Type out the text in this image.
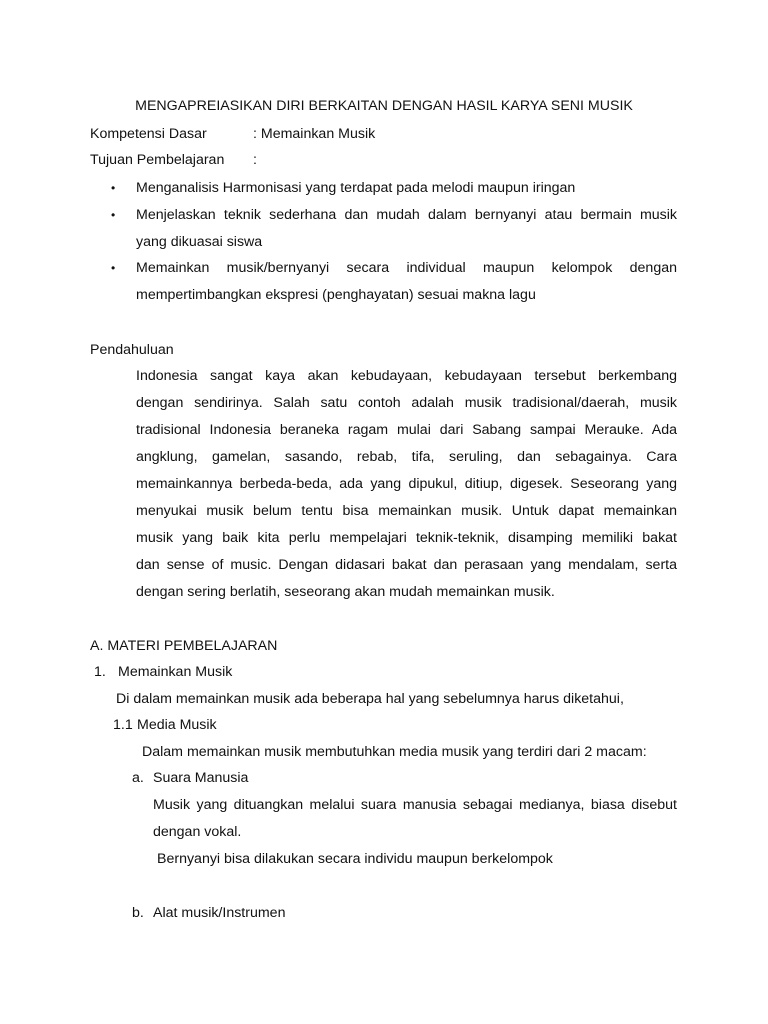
MENGAPREIASIKAN DIRI BERKAITAN DENGAN HASIL KARYA SENI MUSIK
Kompetensi Dasar	: Memainkan Musik
Tujuan Pembelajaran :
• Menganalisis Harmonisasi yang terdapat pada melodi maupun iringan
• Menjelaskan teknik sederhana dan mudah dalam bernyanyi atau bermain musik
yang dikuasai siswa
• Memainkan musik/bernyanyi secara individual maupun kelompok dengan
mempertimbangkan ekspresi (penghayatan) sesuai makna lagu
Pendahuluan
Indonesia sangat kaya akan kebudayaan, kebudayaan tersebut berkembang
dengan sendirinya. Salah satu contoh adalah musik tradisional/daerah, musik
tradisional Indonesia beraneka ragam mulai dari Sabang sampai Merauke. Ada
angklung, gamelan, sasando, rebab, tifa, seruling, dan sebagainya. Cara
memainkannya berbeda-beda, ada yang dipukul, ditiup, digesek. Seseorang yang
menyukai musik belum tentu bisa memainkan musik. Untuk dapat memainkan
musik yang baik kita perlu mempelajari teknik-teknik, disamping memiliki bakat
dan sense of music. Dengan didasari bakat dan perasaan yang mendalam, serta
dengan sering berlatih, seseorang akan mudah memainkan musik.
A. MATERI PEMBELAJARAN
1. Memainkan Musik
Di dalam memainkan musik ada beberapa hal yang sebelumnya harus diketahui,
1.1 Media Musik
Dalam memainkan musik membutuhkan media musik yang terdiri dari 2 macam:
a. Suara Manusia
Musik yang dituangkan melalui suara manusia sebagai medianya, biasa disebut
dengan vokal.
Bernyanyi bisa dilakukan secara individu maupun berkelompok
b. Alat musik/Instrumen
